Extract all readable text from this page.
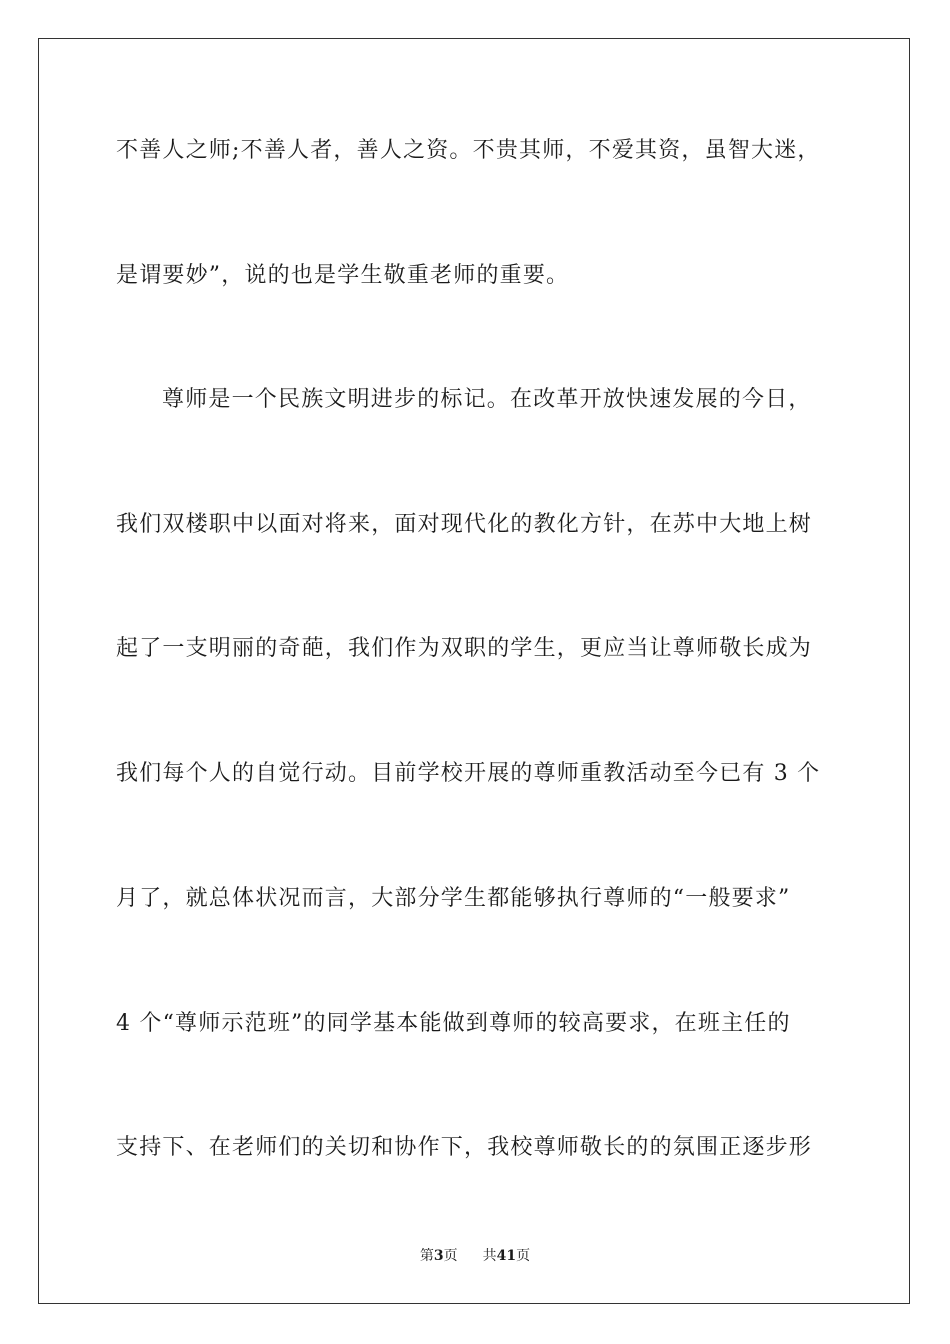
不善人之师;不善人者，善人之资。不贵其师，不爱其资，虽智大迷，
是谓要妙”，说的也是学生敬重老师的重要。
尊师是一个民族文明进步的标记。在改革开放快速发展的今日，
我们双楼职中以面对将来，面对现代化的教化方针，在苏中大地上树
起了一支明丽的奇葩，我们作为双职的学生，更应当让尊师敬长成为
我们每个人的自觉行动。目前学校开展的尊师重教活动至今已有 3 个
月了，就总体状况而言，大部分学生都能够执行尊师的“一般要求”
4 个“尊师示范班”的同学基本能做到尊师的较高要求，在班主任的
支持下、在老师们的关切和协作下，我校尊师敬长的的氛围正逐步形
第3页 共41页
